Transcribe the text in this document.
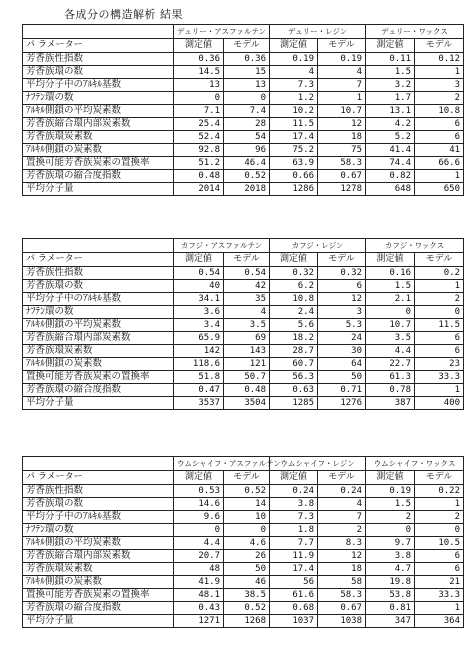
各成分の構造解析 結果
	デュリー・アスファルテン		デュリー・レジン		デュリー・ワックス	
パ ラメーター	測定値	モデル	測定値	モデル	測定値	モデル
芳香族性指数	0.36	0.36	0.19	0.19	0.11	0.12
芳香族環の数	14.5	15	4	4	1.5	1
平均分子中のｱﾙｷﾙ基数	13	13	7.3	7	3.2	3
ﾅﾌﾃﾝ環の数	0	0	1.2	1	1.7	2
ｱﾙｷﾙ側鎖の平均炭素数	7.1	7.4	10.2	10.7	13.1	10.8
芳香族縮合環内部炭素数	25.4	28	11.5	12	4.2	6
芳香族環炭素数	52.4	54	17.4	18	5.2	6
ｱﾙｷﾙ側鎖の炭素数	92.8	96	75.2	75	41.4	41
置換可能芳香族炭素の置換率	51.2	46.4	63.9	58.3	74.4	66.6
芳香族環の縮合度指数	0.48	0.52	0.66	0.67	0.82	1
平均分子量	2014	2018	1286	1278	648	650
	カフジ・アスファルテン		カフジ・レジン		カフジ・ワックス	
パ ラメーター	測定値	モデル	測定値	モデル	測定値	モデル
芳香族性指数	0.54	0.54	0.32	0.32	0.16	0.2
芳香族環の数	40	42	6.2	6	1.5	1
平均分子中のｱﾙｷﾙ基数	34.1	35	10.8	12	2.1	2
ﾅﾌﾃﾝ環の数	3.6	4	2.4	3	0	0
ｱﾙｷﾙ側鎖の平均炭素数	3.4	3.5	5.6	5.3	10.7	11.5
芳香族縮合環内部炭素数	65.9	69	18.2	24	3.5	6
芳香族環炭素数	142	143	28.7	30	4.4	6
ｱﾙｷﾙ側鎖の炭素数	118.6	121	60.7	64	22.7	23
置換可能芳香族炭素の置換率	51.8	50.7	56.3	50	61.3	33.3
芳香族環の縮合度指数	0.47	0.48	0.63	0.71	0.78	1
平均分子量	3537	3504	1285	1276	387	400
	ウムシャイフ・アスファルテン		ウムシャイフ・レジン		ウムシャイフ・ワックス	
パ ラメーター	測定値	モデル	測定値	モデル	測定値	モデル
芳香族性指数	0.53	0.52	0.24	0.24	0.19	0.22
芳香族環の数	14.6	14	3.8	4	1.5	1
平均分子中のｱﾙｷﾙ基数	9.6	10	7.3	7	2	2
ﾅﾌﾃﾝ環の数	0	0	1.8	2	0	0
ｱﾙｷﾙ側鎖の平均炭素数	4.4	4.6	7.7	8.3	9.7	10.5
芳香族縮合環内部炭素数	20.7	26	11.9	12	3.8	6
芳香族環炭素数	48	50	17.4	18	4.7	6
ｱﾙｷﾙ側鎖の炭素数	41.9	46	56	58	19.8	21
置換可能芳香族炭素の置換率	48.1	38.5	61.6	58.3	53.8	33.3
芳香族環の縮合度指数	0.43	0.52	0.68	0.67	0.81	1
平均分子量	1271	1268	1037	1038	347	364
